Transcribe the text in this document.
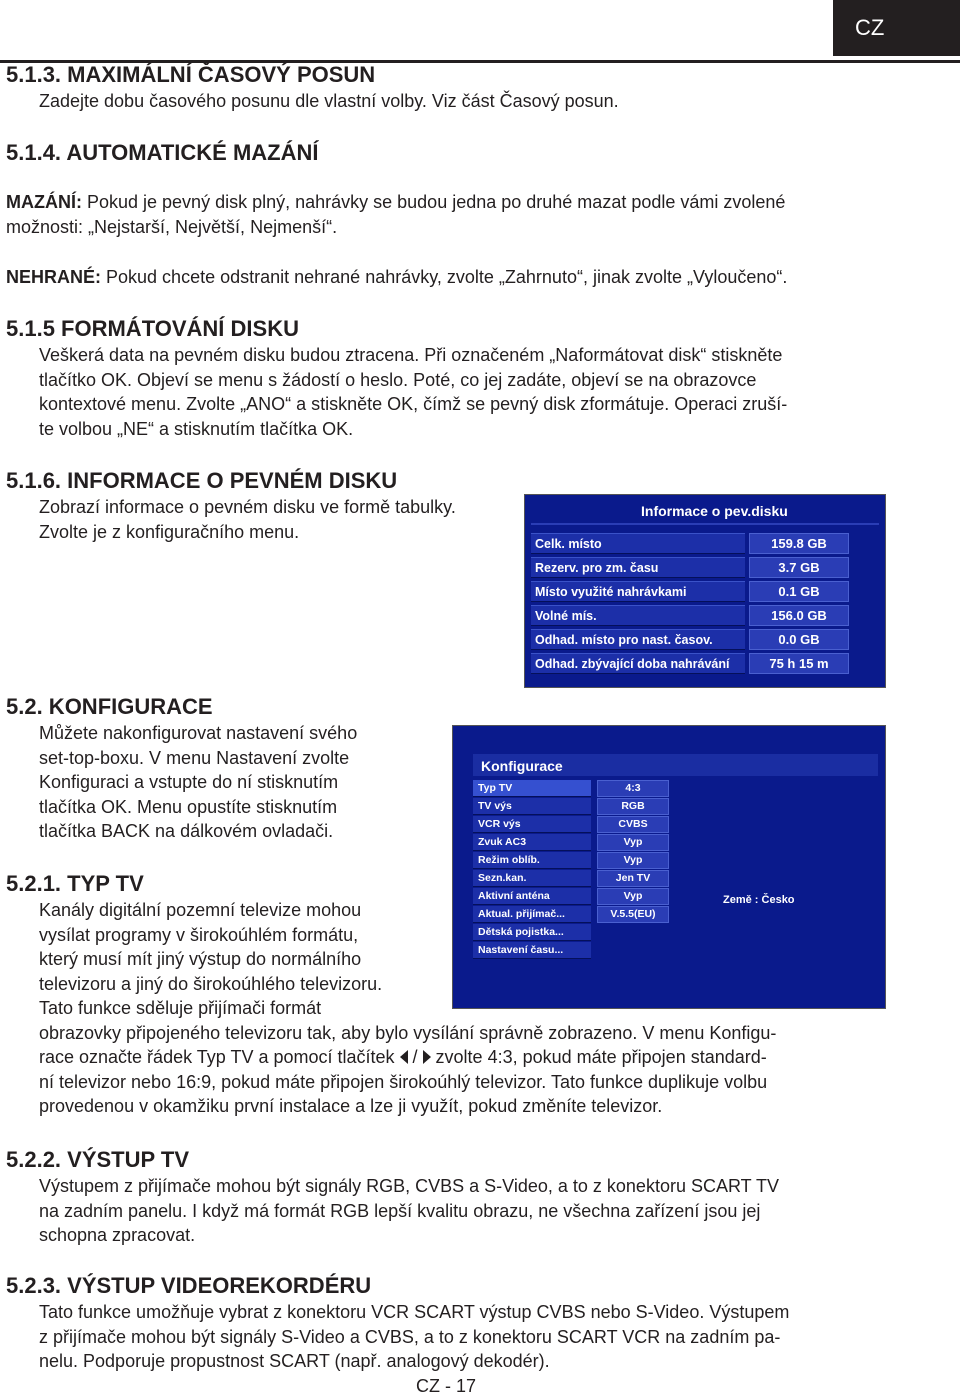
CZ
5.1.3. MAXIMÁLNÍ ČASOVÝ POSUN
Zadejte dobu časového posunu dle vlastní volby. Viz část Časový posun.
5.1.4. AUTOMATICKÉ MAZÁNÍ
MAZÁNÍ: Pokud je pevný disk plný, nahrávky se budou jedna po druhé mazat podle vámi zvolené
možnosti: „Nejstarší, Největší, Nejmenší“.
NEHRANÉ: Pokud chcete odstranit nehrané nahrávky, zvolte „Zahrnuto“, jinak zvolte „Vyloučeno“.
5.1.5 FORMÁTOVÁNÍ DISKU
Veškerá data na pevném disku budou ztracena. Při označeném „Naformátovat disk“ stiskněte
tlačítko OK. Objeví se menu s žádostí o heslo. Poté, co jej zadáte, objeví se na obrazovce
kontextové menu. Zvolte „ANO“ a stiskněte OK, čímž se pevný disk zformátuje. Operaci zruší-
te volbou „NE“ a stisknutím tlačítka OK.
5.1.6. INFORMACE O PEVNÉM DISKU
Zobrazí informace o pevném disku ve formě tabulky.
Zvolte je z konfiguračního menu.
Informace o pev.disku
Celk. místo	159.8 GB
Rezerv. pro zm. času	3.7 GB
Místo využité nahrávkami	0.1 GB
Volné mís.	156.0 GB
Odhad. místo pro nast. časov.	0.0 GB
Odhad. zbývající doba nahrávání	75 h 15 m
5.2. KONFIGURACE
Můžete nakonfigurovat nastavení svého
set-top-boxu. V menu Nastavení zvolte
Konfiguraci a vstupte do ní stisknutím
tlačítka OK. Menu opustíte stisknutím
tlačítka BACK na dálkovém ovladači.
Konfigurace
Typ TV	4:3
TV výs	RGB
VCR výs	CVBS
Zvuk AC3	Vyp
Režim oblíb.	Vyp
Sezn.kan.	Jen TV
Aktivní anténa	Vyp
Aktual. přijímač...	V.5.5(EU)
Dětská pojistka...
Nastavení času...
Země : Česko
5.2.1. TYP TV
Kanály digitální pozemní televize mohou
vysílat programy v širokoúhlém formátu,
který musí mít jiný výstup do normálního
televizoru a jiný do širokoúhlého televizoru.
Tato funkce sděluje přijímači formát
obrazovky připojeného televizoru tak, aby bylo vysílání správně zobrazeno. V menu Konfigu-
race označte řádek Typ TV a pomocí tlačítek  /  zvolte 4:3, pokud máte připojen standard-
ní televizor nebo 16:9, pokud máte připojen širokoúhlý televizor. Tato funkce duplikuje volbu
provedenou v okamžiku první instalace a lze ji využít, pokud změníte televizor.
5.2.2. VÝSTUP TV
Výstupem z přijímače mohou být signály RGB, CVBS a S-Video, a to z konektoru SCART TV
na zadním panelu. I když má formát RGB lepší kvalitu obrazu, ne všechna zařízení jsou jej
schopna zpracovat.
5.2.3. VÝSTUP VIDEOREKORDÉRU
Tato funkce umožňuje vybrat z konektoru VCR SCART výstup CVBS nebo S-Video. Výstupem
z přijímače mohou být signály S-Video a CVBS, a to z konektoru SCART VCR na zadním pa-
nelu. Podporuje propustnost SCART (např. analogový dekodér).
CZ - 17
